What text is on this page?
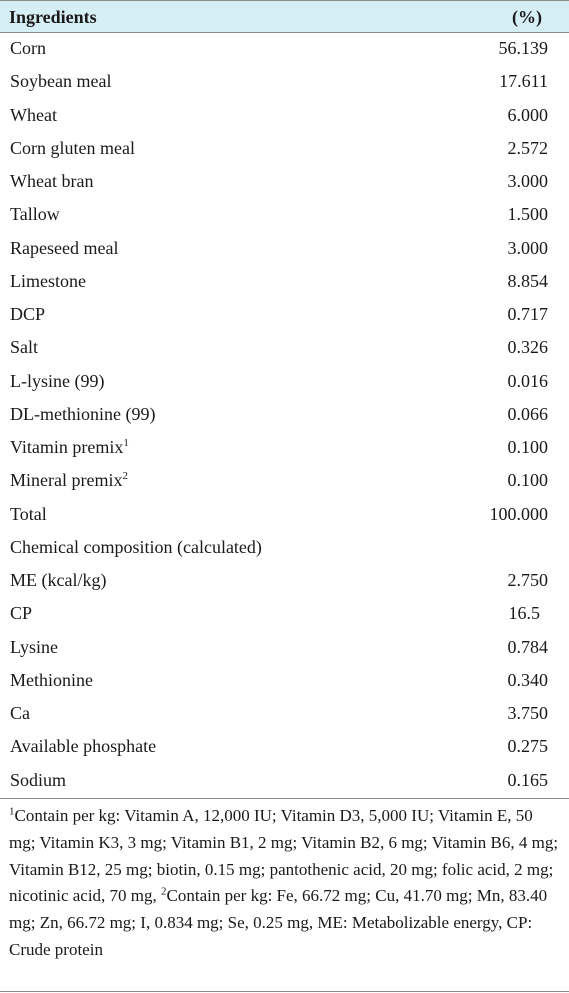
Ingredients	(%)
Corn	56.139
Soybean meal	17.611
Wheat	6.000
Corn gluten meal	2.572
Wheat bran	3.000
Tallow	1.500
Rapeseed meal	3.000
Limestone	8.854
DCP	0.717
Salt	0.326
L-lysine (99)	0.016
DL-methionine (99)	0.066
Vitamin premix$^1$	0.100
Mineral premix$^2$	0.100
Total	100.000
Chemical composition (calculated)
ME (kcal/kg)	2.750
CP	16.5
Lysine	0.784
Methionine	0.340
Ca	3.750
Available phosphate	0.275
Sodium	0.165
$^1$Contain per kg: Vitamin A, 12,000 IU; Vitamin D3, 5,000 IU; Vitamin E, 50 mg; Vitamin K3, 3 mg; Vitamin B1, 2 mg; Vitamin B2, 6 mg; Vitamin B6, 4 mg; Vitamin B12, 25 mg; biotin, 0.15 mg; pantothenic acid, 20 mg; folic acid, 2 mg; nicotinic acid, 70 mg, $^2$Contain per kg: Fe, 66.72 mg; Cu, 41.70 mg; Mn, 83.40 mg; Zn, 66.72 mg; I, 0.834 mg; Se, 0.25 mg, ME: Metabolizable energy, CP: Crude protein
